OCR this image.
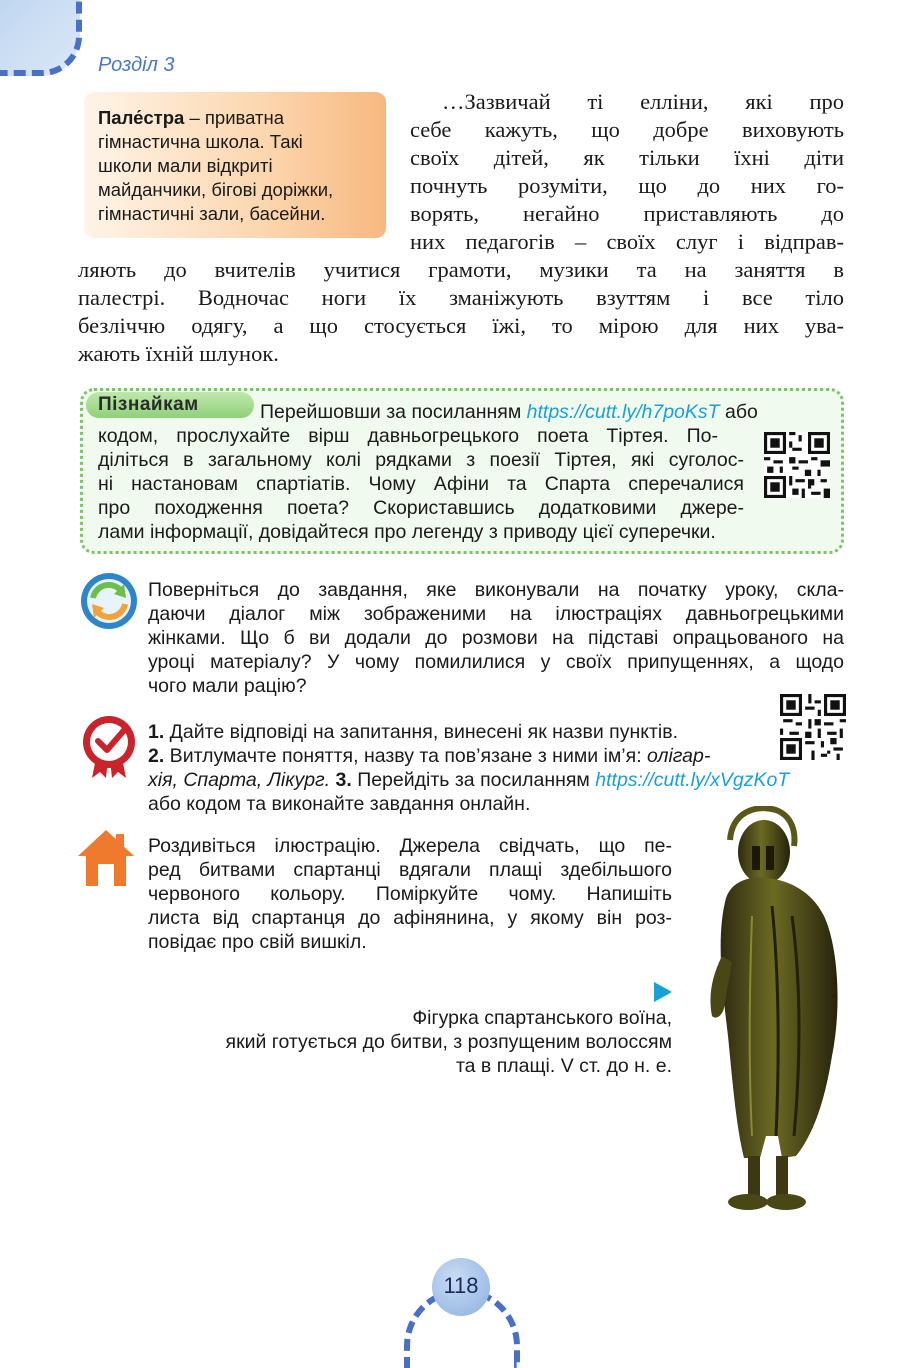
Розділ 3
Пале́стра – приватна
гімнастична школа. Такі
школи мали відкриті
майданчики, бігові доріжки,
гімнастичні зали, басейни.
…Зазвичай ті елліни, які про
себе кажуть, що добре виховують
своїх дітей, як тільки їхні діти
почнуть розуміти, що до них го-
ворять, негайно приставляють до
них педагогів – своїх слуг і відправ-
ляють до вчителів учитися грамоти, музики та на заняття в
палестрі. Водночас ноги їх зманіжують взуттям і все тіло
безліччю одягу, а що стосується їжі, то мірою для них ува-
жають їхній шлунок.
Пізнайкам	Перейшовши за посиланням https://cutt.ly/h7poKsT або
кодом, прослухайте вірш давньогрецького поета Тіртея. По-
діліться в загальному колі рядками з поезії Тіртея, які суголос-
ні настановам спартіатів. Чому Афіни та Спарта сперечалися
про походження поета? Скориставшись додатковими джере-
лами інформації, довідайтеся про легенду з приводу цієї суперечки.
Поверніться до завдання, яке виконували на початку уроку, скла-
даючи діалог між зображеними на ілюстраціях давньогрецькими
жінками. Що б ви додали до розмови на підставі опрацьованого на
уроці матеріалу? У чому помилилися у своїх припущеннях, а щодо
чого мали рацію?
1. Дайте відповіді на запитання, винесені як назви пунктів.
2. Витлумачте поняття, назву та пов’язане з ними ім’я: олігар-
хія, Спарта, Лікург. 3. Перейдіть за посиланням https://cutt.ly/xVgzKoT
або кодом та виконайте завдання онлайн.
Роздивіться ілюстрацію. Джерела свідчать, що пе-
ред битвами спартанці вдягали плащі здебільшого
червоного кольору. Поміркуйте чому. Напишіть
листа від спартанця до афінянина, у якому він роз-
повідає про свій вишкіл.
Фігурка спартанського воїна,
який готується до битви, з розпущеним волоссям
та в плащі. V ст. до н. е.
118
